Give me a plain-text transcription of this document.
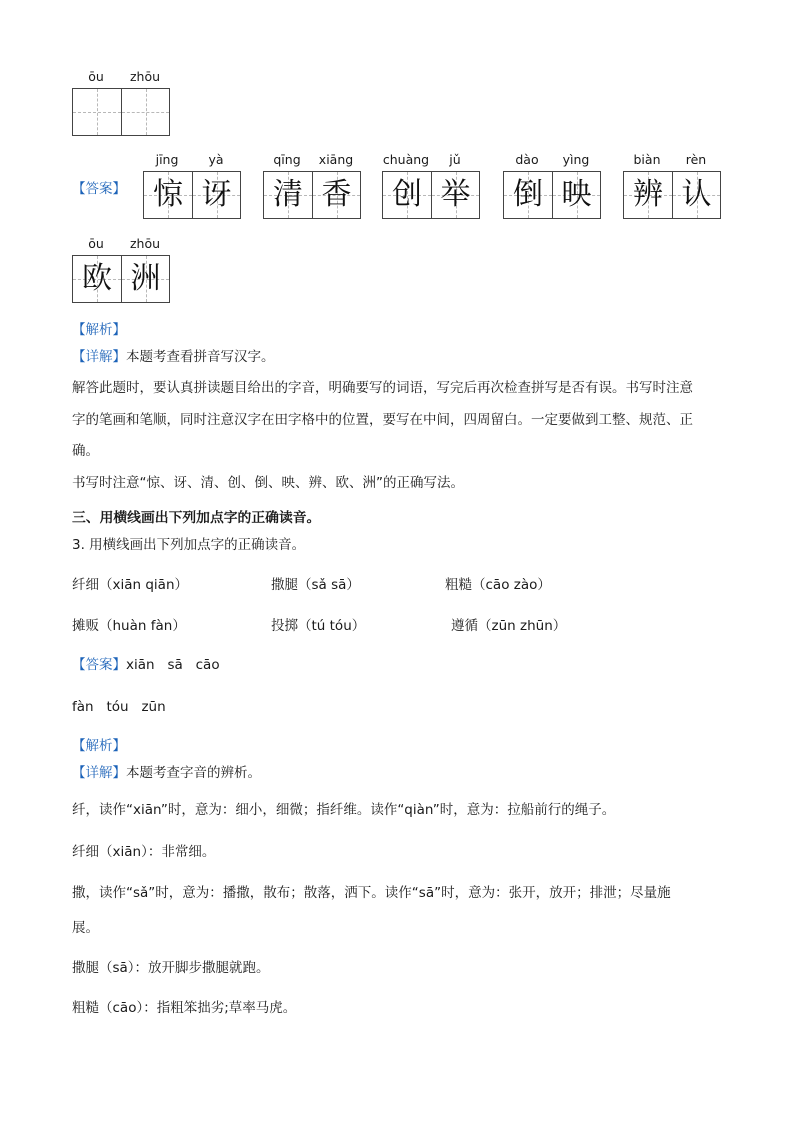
ōu	zhōu
【答案】
jīng	yà
惊 讶
qīng	xiāng
清 香
chuàng	jǔ
创 举
dào	yìng
倒 映
biàn	rèn
辨 认
ōu	zhōu
欧 洲
【解析】
【详解】本题考查看拼音写汉字。
解答此题时，要认真拼读题目给出的字音，明确要写的词语，写完后再次检查拼写是否有误。书写时注意
字的笔画和笔顺，同时注意汉字在田字格中的位置，要写在中间，四周留白。一定要做到工整、规范、正
确。
书写时注意“惊、讶、清、创、倒、映、辨、欧、洲”的正确写法。
三、用横线画出下列加点字的正确读音。
3. 用横线画出下列加点字的正确读音。
纤细（xiān qiān）	撒腿（sǎ sā）	粗糙（cāo zào）
摊贩（huàn fàn）	投掷（tú tóu）	遵循（zūn zhūn）
【答案】xiān   sā   cāo
fàn   tóu   zūn
【解析】
【详解】本题考查字音的辨析。
纤，读作“xiān”时，意为：细小，细微；指纤维。读作“qiàn”时，意为：拉船前行的绳子。
纤细（xiān）：非常细。
撒，读作“sǎ”时，意为：播撒，散布；散落，洒下。读作“sā”时，意为：张开，放开；排泄；尽量施
展。
撒腿（sā）：放开脚步撒腿就跑。
粗糙（cāo）：指粗笨拙劣;草率马虎。
